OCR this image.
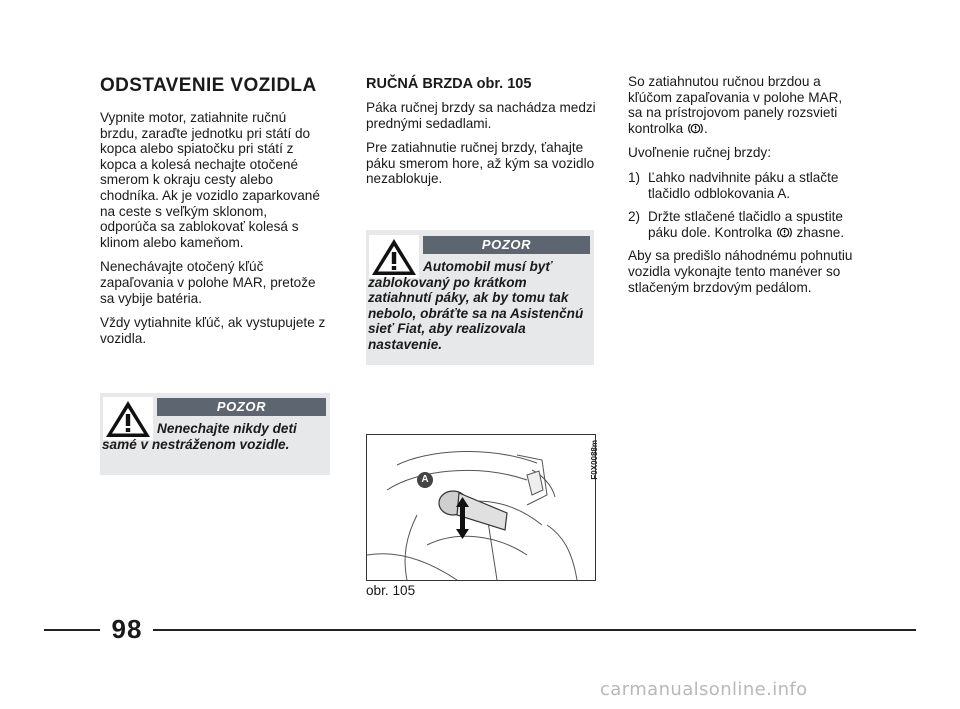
ODSTAVENIE VOZIDLA

Vypnite motor, zatiahnite ručnú brzdu, zaraďte jednotku pri státí do kopca alebo spiatočku pri státí z kopca a kolesá nechajte otočené smerom k okraju cesty alebo chodníka. Ak je vozidlo zaparkované na ceste s veľkým sklonom, odporúča sa zablokovať kolesá s klinom alebo kameňom.

Nenechávajte otočený kľúč zapaľovania v polohe MAR, pretože sa vybije batéria.

Vždy vytiahnite kľúč, ak vystupujete z vozidla.

POZOR
Nenechajte nikdy deti samé v nestráženom vozidle.
RUČNÁ BRZDA obr. 105

Páka ručnej brzdy sa nachádza medzi prednými sedadlami.

Pre zatiahnutie ručnej brzdy, ťahajte páku smerom hore, až kým sa vozidlo nezablokuje.

POZOR
Automobil musí byť zablokovaný po krátkom zatiahnutí páky, ak by tomu tak nebolo, obráťte sa na Asistenčnú sieť Fiat, aby realizovala nastavenie.
A	F0X0088m
obr. 105

So zatiahnutou ručnou brzdou a kľúčom zapaľovania v polohe MAR, sa na prístrojovom panely rozsvieti kontrolka .

Uvoľnenie ručnej brzdy:

1) Ľahko nadvihnite páku a stlačte tlačidlo odblokovania A.
2) Držte stlačené tlačidlo a spustite páku dole. Kontrolka zhasne.

Aby sa predišlo náhodnému pohnutiu vozidla vykonajte tento manéver so stlačeným brzdovým pedálom.

98
carmanualsonline.info
